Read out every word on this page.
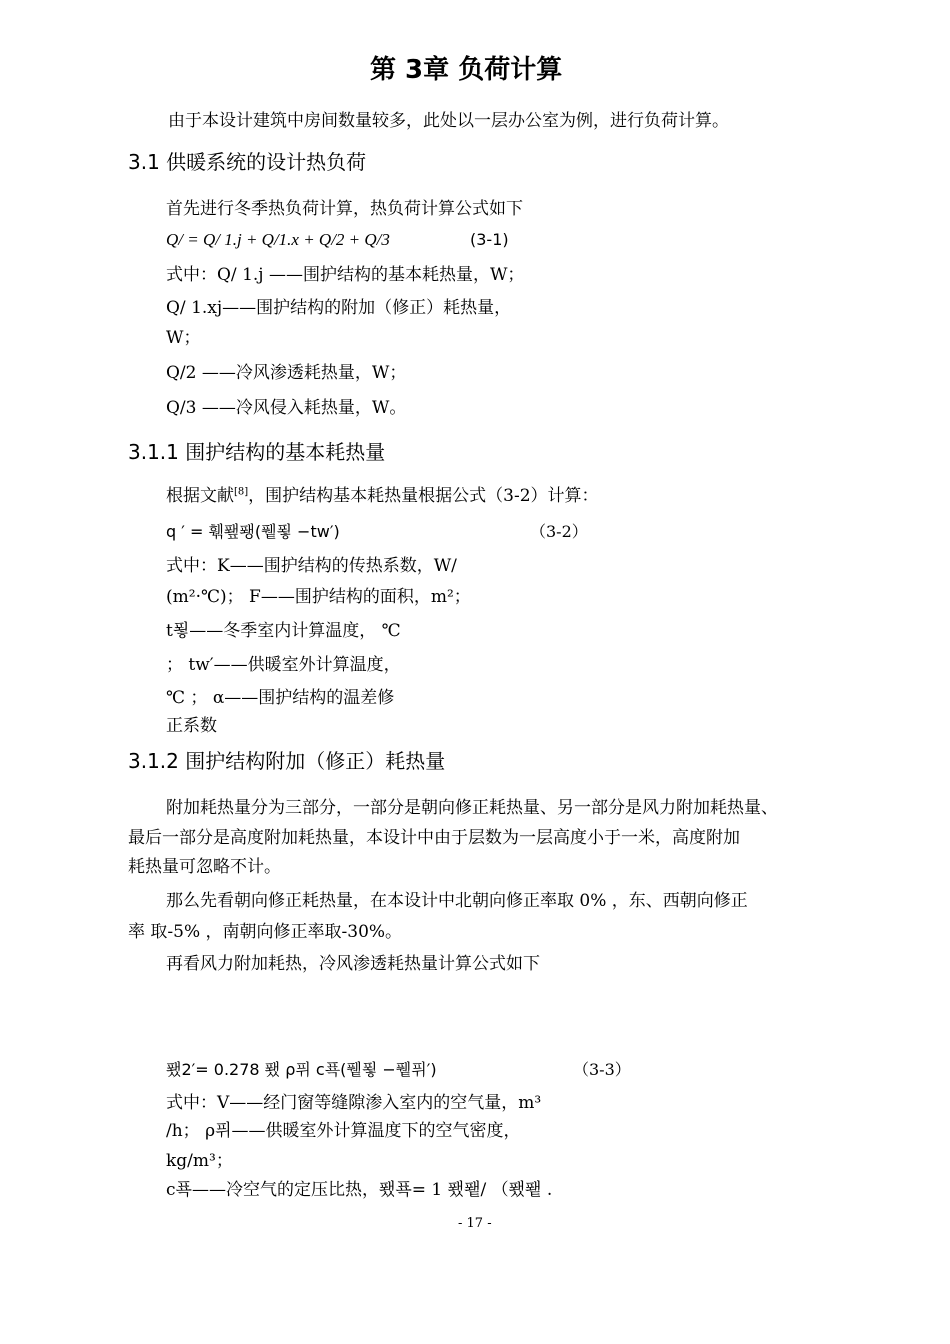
第 3章 负荷计算
由于本设计建筑中房间数量较多，此处以一层办公室为例，进行负荷计算。
3.1 供暖系统的设计热负荷
首先进行冬季热负荷计算，热负荷计算公式如下
Q/ = Q/ 1.j + Q/1.x + Q/2 + Q/3	(3-1)
式中：Q/ 1.j ——围护结构的基本耗热量，W；
Q/ 1.xj——围护结构的附加（修正）耗热量，
W；
Q/2 ——冷风渗透耗热量，W；
Q/3 ——冷风侵入耗热量，W。
3.1.1 围护结构的基本耗热量
根据文献[8]，围护结构基本耗热量根据公式（3-2）计算：
q ′ = 훾퐾퐹(퓉푛 −tw′)	（3-2）
式中：K——围护结构的传热系数，W/
(m²·℃)； F——围护结构的面积，m²；
t푛——冬季室内计算温度， ℃
； tw′——供暖室外计算温度，
℃ ； α——围护结构的温差修
正系数
3.1.2 围护结构附加（修正）耗热量
附加耗热量分为三部分，一部分是朝向修正耗热量、另一部分是风力附加耗热量、
最后一部分是高度附加耗热量，本设计中由于层数为一层高度小于一米，高度附加
耗热量可忽略不计。
那么先看朝向修正耗热量，在本设计中北朝向修正率取 0% ，东、西朝向修正
率 取-5% ，南朝向修正率取-30%。
再看风力附加耗热，冷风渗透耗热量计算公式如下
퐸2′= 0.278 퐸 ρ퓌 c푝(퓉푛 −퓉퓌′)	（3-3）
式中：V——经门窗等缝隙渗入室内的空气量，m³
/h； ρ퓌——供暖室外计算温度下的空气密度，
kg/m³；
c푝——冷空气的定压比热，퐸푝= 1 퐸퐽/ （퐸퐽 .
- 17 -
